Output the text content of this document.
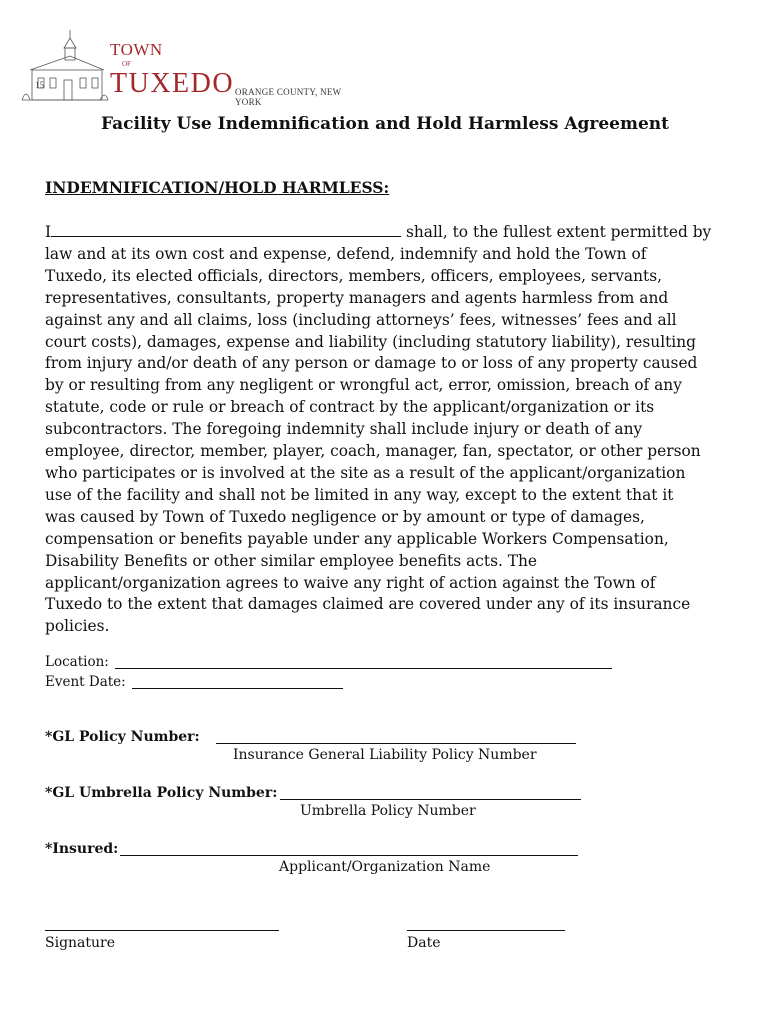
15
TOWN
OF
TUXEDO ORANGE COUNTY, NEW YORK
Facility Use Indemnification and Hold Harmless Agreement
INDEMNIFICATION/HOLD HARMLESS:
I	shall, to the fullest extent permitted by
law and at its own cost and expense, defend, indemnify and hold the Town of
Tuxedo, its elected officials, directors, members, officers, employees, servants,
representatives, consultants, property managers and agents harmless from and
against any and all claims, loss (including attorneys’ fees, witnesses’ fees and all
court costs), damages, expense and liability (including statutory liability), resulting
from injury and/or death of any person or damage to or loss of any property caused
by or resulting from any negligent or wrongful act, error, omission, breach of any
statute, code or rule or breach of contract by the applicant/organization or its
subcontractors. The foregoing indemnity shall include injury or death of any
employee, director, member, player, coach, manager, fan, spectator, or other person
who participates or is involved at the site as a result of the applicant/organization
use of the facility and shall not be limited in any way, except to the extent that it
was caused by Town of Tuxedo negligence or by amount or type of damages,
compensation or benefits payable under any applicable Workers Compensation,
Disability Benefits or other similar employee benefits acts. The
applicant/organization agrees to waive any right of action against the Town of
Tuxedo to the extent that damages claimed are covered under any of its insurance
policies.
Location:
Event Date:
*GL Policy Number:
Insurance General Liability Policy Number
*GL Umbrella Policy Number:
Umbrella Policy Number
*Insured:
Applicant/Organization Name
Signature	Date
